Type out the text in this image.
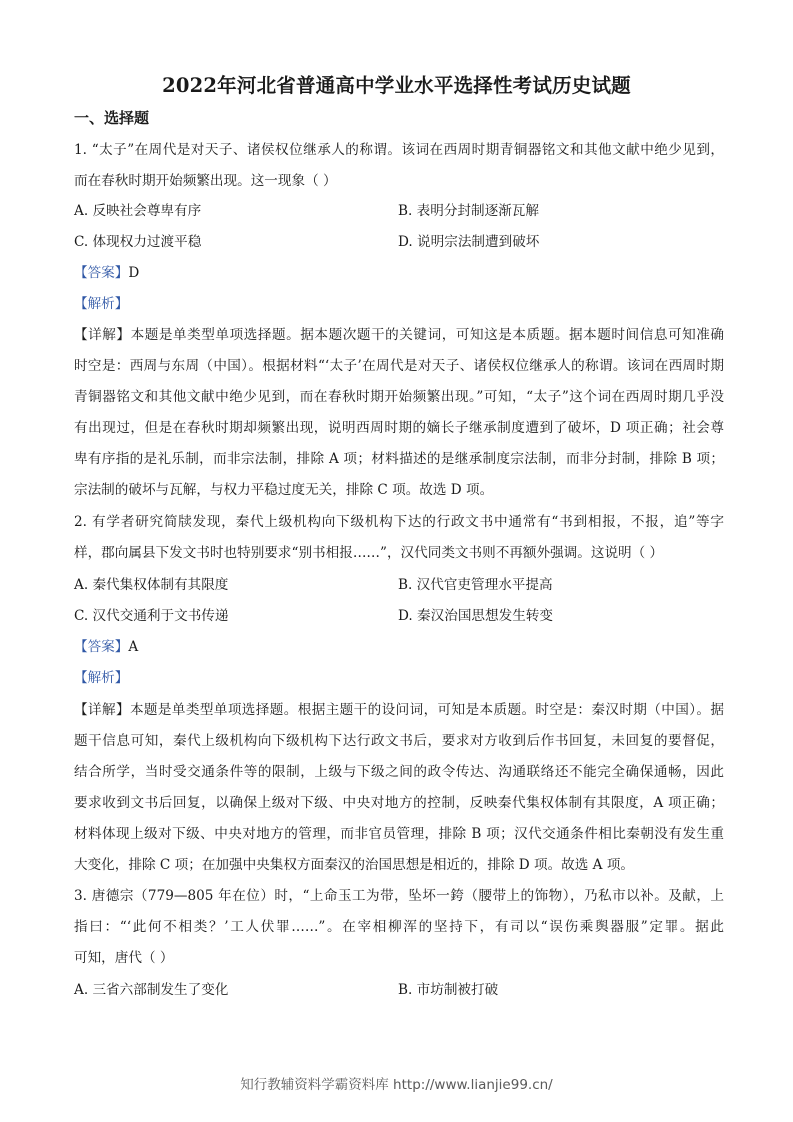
2022年河北省普通高中学业水平选择性考试历史试题
一、选择题
1. “太子”在周代是对天子、诸侯权位继承人的称谓。该词在西周时期青铜器铭文和其他文献中绝少见到，
而在春秋时期开始频繁出现。这一现象（ ）
A. 反映社会尊卑有序	B. 表明分封制逐渐瓦解
C. 体现权力过渡平稳	D. 说明宗法制遭到破坏
【答案】D
【解析】
【详解】本题是单类型单项选择题。据本题次题干的关键词，可知这是本质题。据本题时间信息可知准确
时空是：西周与东周（中国）。根据材料“‘太子’在周代是对天子、诸侯权位继承人的称谓。该词在西周时期
青铜器铭文和其他文献中绝少见到，而在春秋时期开始频繁出现。”可知，“太子”这个词在西周时期几乎没
有出现过，但是在春秋时期却频繁出现，说明西周时期的嫡长子继承制度遭到了破坏，D 项正确；社会尊
卑有序指的是礼乐制，而非宗法制，排除 A 项；材料描述的是继承制度宗法制，而非分封制，排除 B 项；
宗法制的破坏与瓦解，与权力平稳过度无关，排除 C 项。故选 D 项。
2. 有学者研究简牍发现，秦代上级机构向下级机构下达的行政文书中通常有“书到相报，不报，追”等字
样，郡向属县下发文书时也特别要求“别书相报……”，汉代同类文书则不再额外强调。这说明（ ）
A. 秦代集权体制有其限度	B. 汉代官吏管理水平提高
C. 汉代交通利于文书传递	D. 秦汉治国思想发生转变
【答案】A
【解析】
【详解】本题是单类型单项选择题。根据主题干的设问词，可知是本质题。时空是：秦汉时期（中国）。据
题干信息可知，秦代上级机构向下级机构下达行政文书后，要求对方收到后作书回复，未回复的要督促，
结合所学，当时受交通条件等的限制，上级与下级之间的政令传达、沟通联络还不能完全确保通畅，因此
要求收到文书后回复，以确保上级对下级、中央对地方的控制，反映秦代集权体制有其限度，A 项正确；
材料体现上级对下级、中央对地方的管理，而非官员管理，排除 B 项；汉代交通条件相比秦朝没有发生重
大变化，排除 C 项；在加强中央集权方面秦汉的治国思想是相近的，排除 D 项。故选 A 项。
3. 唐德宗（779—805 年在位）时，“上命玉工为带，坠坏一銙（腰带上的饰物），乃私市以补。及献，上
指曰：“‘此何不相类？’工人伏罪……”。在宰相柳浑的坚持下，有司以“误伤乘舆器服”定罪。据此
可知，唐代（ ）
A. 三省六部制发生了变化	B. 市坊制被打破
知行教辅资料学霸资料库 http://www.lianjie99.cn/
